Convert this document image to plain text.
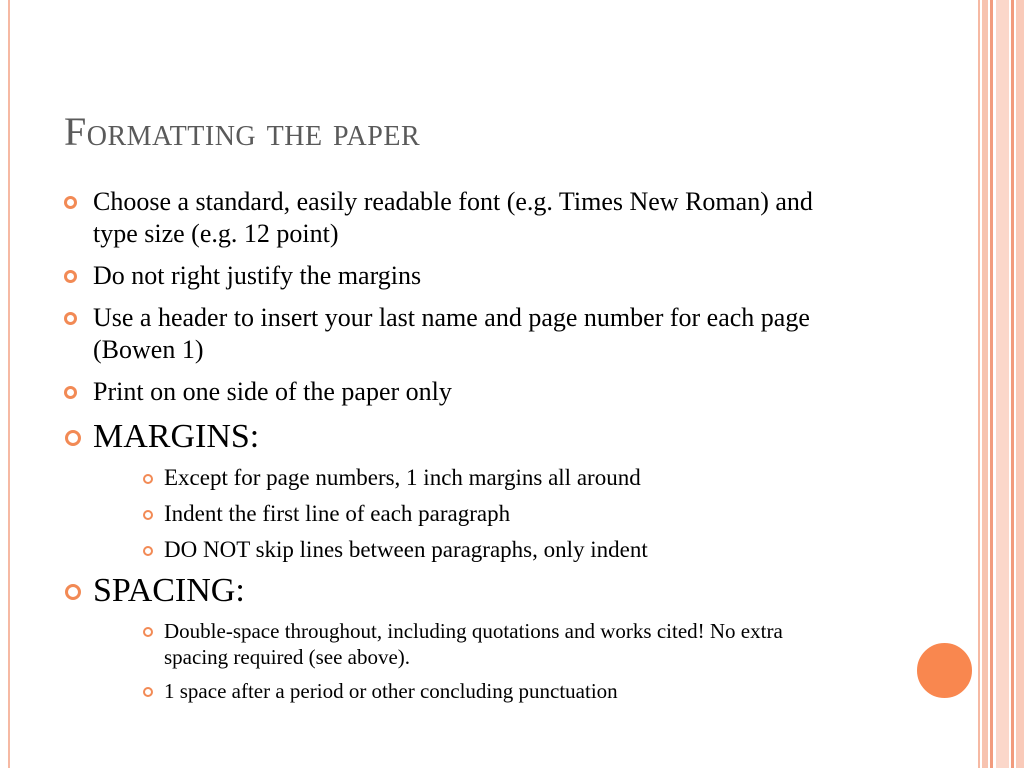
Formatting the paper
Choose a standard, easily readable font (e.g. Times New Roman) and type size (e.g. 12 point)
Do not right justify the margins
Use a header to insert your last name and page number for each page (Bowen 1)
Print on one side of the paper only
MARGINS:
Except for page numbers, 1 inch margins all around
Indent the first line of each paragraph
DO NOT skip lines between paragraphs, only indent
SPACING:
Double-space throughout, including quotations and works cited! No extra spacing required (see above).
1 space after a period or other concluding punctuation
